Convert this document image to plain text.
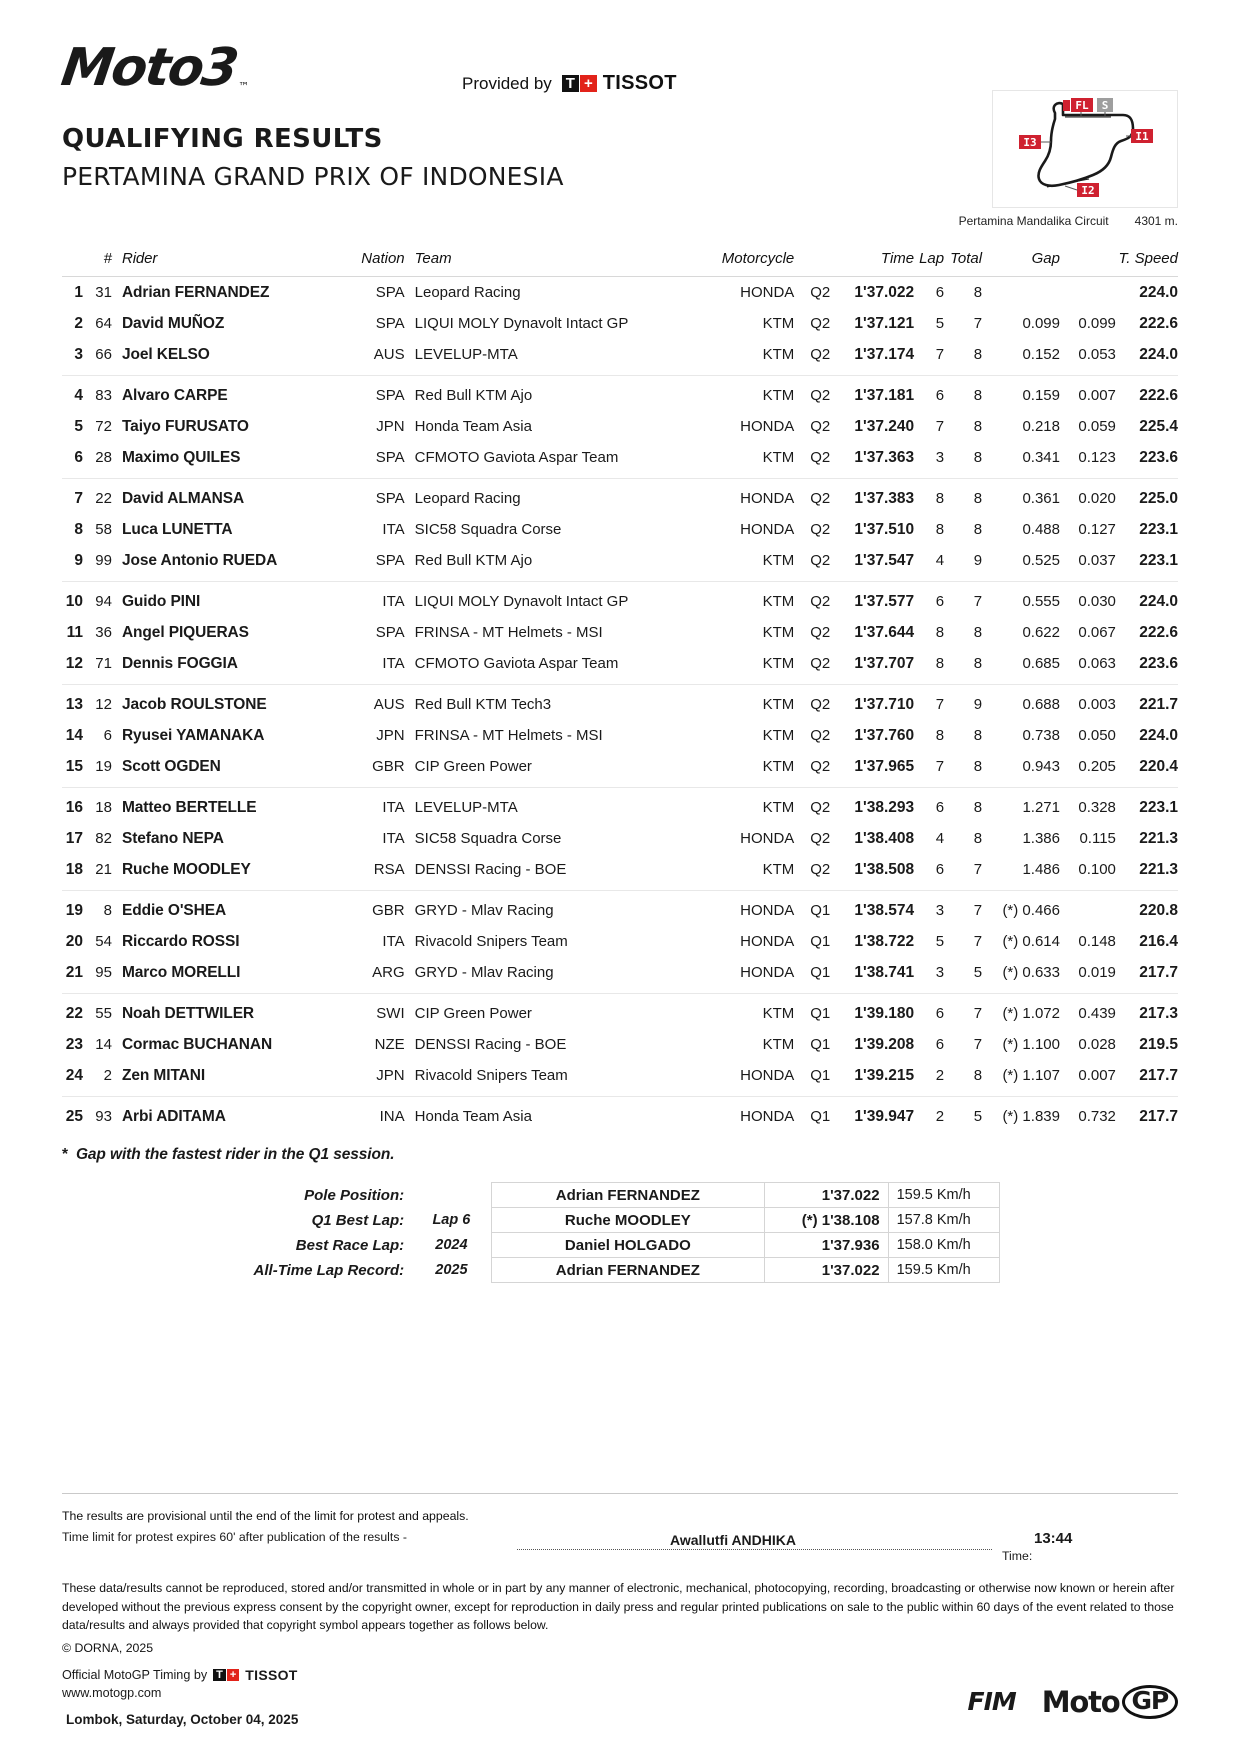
Moto3™	Provided by T + TISSOT
QUALIFYING RESULTS
PERTAMINA GRAND PRIX OF INDONESIA
FL S
I1
I2
I3
Pertamina Mandalika Circuit 4301 m.
	#	Rider	Nation	Team	Motorcycle		Time	Lap	Total	Gap		T. Speed
1	31	Adrian FERNANDEZ	SPA	Leopard Racing	HONDA	Q2	1'37.022	6	8			224.0
2	64	David MUÑOZ	SPA	LIQUI MOLY Dynavolt Intact GP	KTM	Q2	1'37.121	5	7	0.099	0.099	222.6
3	66	Joel KELSO	AUS	LEVELUP-MTA	KTM	Q2	1'37.174	7	8	0.152	0.053	224.0
4	83	Alvaro CARPE	SPA	Red Bull KTM Ajo	KTM	Q2	1'37.181	6	8	0.159	0.007	222.6
5	72	Taiyo FURUSATO	JPN	Honda Team Asia	HONDA	Q2	1'37.240	7	8	0.218	0.059	225.4
6	28	Maximo QUILES	SPA	CFMOTO Gaviota Aspar Team	KTM	Q2	1'37.363	3	8	0.341	0.123	223.6
7	22	David ALMANSA	SPA	Leopard Racing	HONDA	Q2	1'37.383	8	8	0.361	0.020	225.0
8	58	Luca LUNETTA	ITA	SIC58 Squadra Corse	HONDA	Q2	1'37.510	8	8	0.488	0.127	223.1
9	99	Jose Antonio RUEDA	SPA	Red Bull KTM Ajo	KTM	Q2	1'37.547	4	9	0.525	0.037	223.1
10	94	Guido PINI	ITA	LIQUI MOLY Dynavolt Intact GP	KTM	Q2	1'37.577	6	7	0.555	0.030	224.0
11	36	Angel PIQUERAS	SPA	FRINSA - MT Helmets - MSI	KTM	Q2	1'37.644	8	8	0.622	0.067	222.6
12	71	Dennis FOGGIA	ITA	CFMOTO Gaviota Aspar Team	KTM	Q2	1'37.707	8	8	0.685	0.063	223.6
13	12	Jacob ROULSTONE	AUS	Red Bull KTM Tech3	KTM	Q2	1'37.710	7	9	0.688	0.003	221.7
14	6	Ryusei YAMANAKA	JPN	FRINSA - MT Helmets - MSI	KTM	Q2	1'37.760	8	8	0.738	0.050	224.0
15	19	Scott OGDEN	GBR	CIP Green Power	KTM	Q2	1'37.965	7	8	0.943	0.205	220.4
16	18	Matteo BERTELLE	ITA	LEVELUP-MTA	KTM	Q2	1'38.293	6	8	1.271	0.328	223.1
17	82	Stefano NEPA	ITA	SIC58 Squadra Corse	HONDA	Q2	1'38.408	4	8	1.386	0.115	221.3
18	21	Ruche MOODLEY	RSA	DENSSI Racing - BOE	KTM	Q2	1'38.508	6	7	1.486	0.100	221.3
19	8	Eddie O'SHEA	GBR	GRYD - Mlav Racing	HONDA	Q1	1'38.574	3	7	(*) 0.466		220.8
20	54	Riccardo ROSSI	ITA	Rivacold Snipers Team	HONDA	Q1	1'38.722	5	7	(*) 0.614	0.148	216.4
21	95	Marco MORELLI	ARG	GRYD - Mlav Racing	HONDA	Q1	1'38.741	3	5	(*) 0.633	0.019	217.7
22	55	Noah DETTWILER	SWI	CIP Green Power	KTM	Q1	1'39.180	6	7	(*) 1.072	0.439	217.3
23	14	Cormac BUCHANAN	NZE	DENSSI Racing - BOE	KTM	Q1	1'39.208	6	7	(*) 1.100	0.028	219.5
24	2	Zen MITANI	JPN	Rivacold Snipers Team	HONDA	Q1	1'39.215	2	8	(*) 1.107	0.007	217.7
25	93	Arbi ADITAMA	INA	Honda Team Asia	HONDA	Q1	1'39.947	2	5	(*) 1.839	0.732	217.7
* Gap with the fastest rider in the Q1 session.
Pole Position:		Adrian FERNANDEZ	1'37.022	159.5 Km/h
Q1 Best Lap:	Lap 6	Ruche MOODLEY	(*) 1'38.108	157.8 Km/h
Best Race Lap:	2024	Daniel HOLGADO	1'37.936	158.0 Km/h
All-Time Lap Record:	2025	Adrian FERNANDEZ	1'37.022	159.5 Km/h
The results are provisional until the end of the limit for protest and appeals.
Time limit for protest expires 60' after publication of the results -	Awallutfi ANDHIKA
Time:
13:44
These data/results cannot be reproduced, stored and/or transmitted in whole or in part by any manner of electronic, mechanical, photocopying, recording, broadcasting or otherwise now known or herein after developed without the previous express consent by the copyright owner, except for reproduction in daily press and regular printed publications on sale to the public within 60 days of the event related to those data/results and always provided that copyright symbol appears together as follows below.
© DORNA, 2025
Official MotoGP Timing by T + TISSOT
www.motogp.com
Lombok, Saturday, October 04, 2025
FIM Moto GP
